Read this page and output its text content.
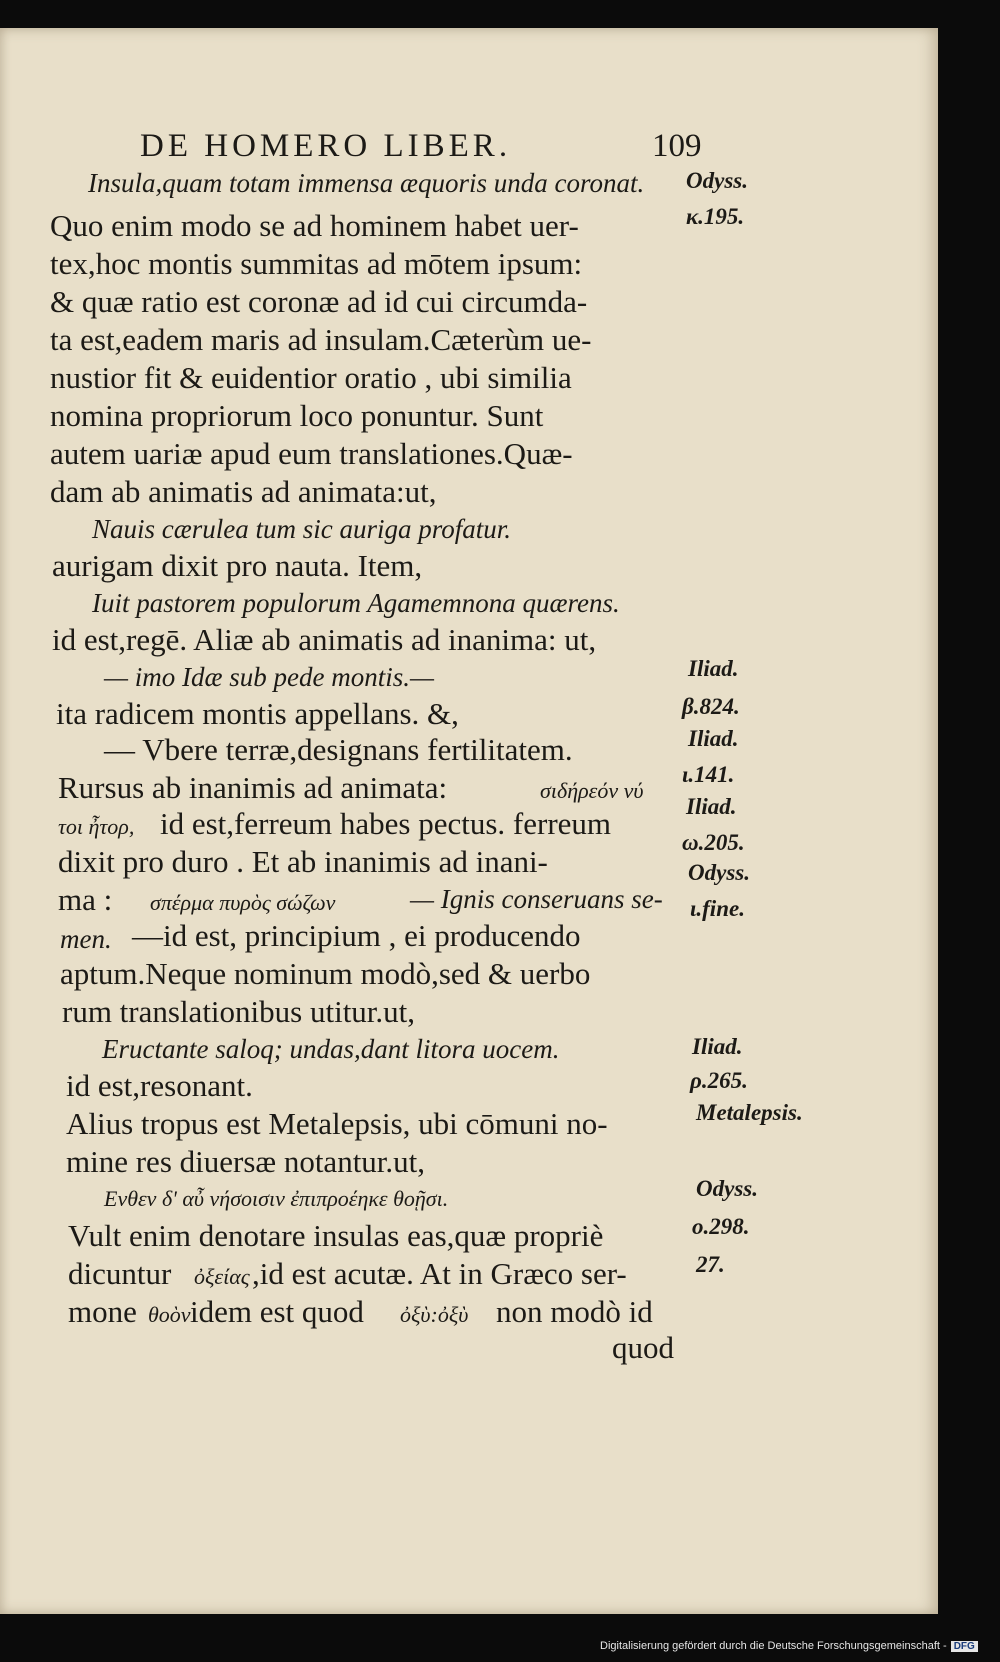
DE HOMERO LIBER.	109
Insula,quam totam immensa æquoris unda coronat.
Quo enim modo se ad hominem habet uer-
tex,hoc montis summitas ad mōtem ipsum:
& quæ ratio est coronæ ad id cui circumda-
ta est,eadem maris ad insulam.Cæterùm ue-
nustior fit & euidentior oratio , ubi similia
nomina propriorum loco ponuntur. Sunt
autem uariæ apud eum translationes.Quæ-
dam ab animatis ad animata:ut,
Nauis cærulea tum sic auriga profatur.
aurigam dixit pro nauta. Item,
Iuit pastorem populorum Agamemnona quærens.
id est,regē. Aliæ ab animatis ad inanima: ut,
— imo Idæ sub pede montis.—
ita radicem montis appellans. &,
— Vbere terræ,designans fertilitatem.
Rursus ab inanimis ad animata:	σιδήρεόν νύ
τοι ἦτορ, id est,ferreum habes pectus. ferreum
dixit pro duro . Et ab inanimis ad inani-
ma : σπέρμα πυρὸς σώζων	— Ignis conseruans se-
men. —id est, principium , ei producendo
aptum.Neque nominum modò,sed & uerbo
rum translationibus utitur.ut,
Eructante saloq; undas,dant litora uocem.
id est,resonant.
Alius tropus est Metalepsis, ubi cōmuni no-
mine res diuersæ notantur.ut,
Ενθεν δ' αὖ νήσοισιν ἐπιπροέηκε θοῇσι.
Vult enim denotare insulas eas,quæ propriè
dicuntur ὀξείας ,id est acutæ. At in Græco ser-
mone θοὸν idem est quod ὀξὺ:ὀξὺ non modò id
quod
Odyss.
κ.195.
Iliad.
β.824.
Iliad.
ι.141.
Iliad.
ω.205.
Odyss.
ι.fine.
Iliad.
ρ.265.
Metalepsis.
Odyss.
ο.298.
27.
Digitalisierung gefördert durch die Deutsche Forschungsgemeinschaft - DFG
